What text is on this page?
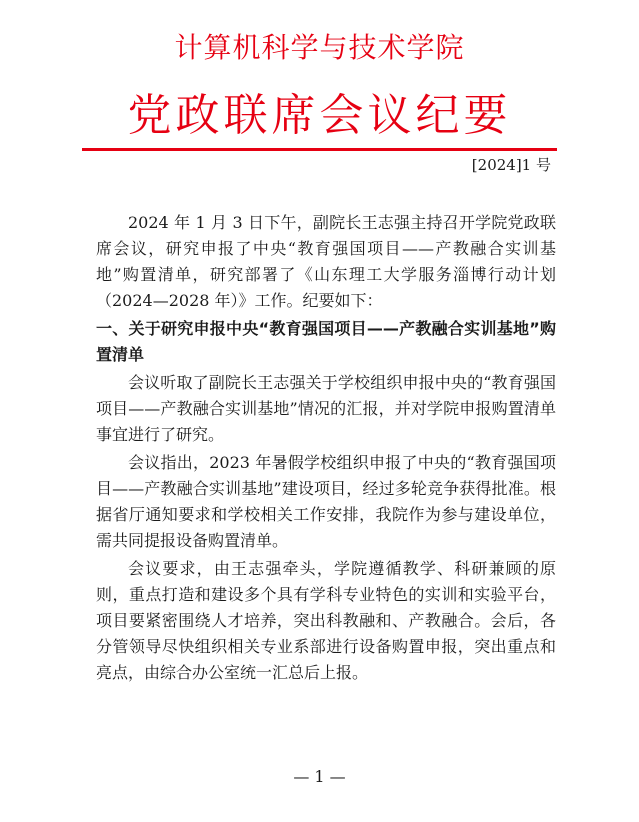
计算机科学与技术学院
党政联席会议纪要
[2024]1 号

2024 年 1 月 3 日下午，副院长王志强主持召开学院党政联席会议，研究申报了中央“教育强国项目——产教融合实训基地”购置清单，研究部署了《山东理工大学服务淄博行动计划（2024—2028 年）》工作。纪要如下：

一、关于研究申报中央“教育强国项目——产教融合实训基地”购置清单

会议听取了副院长王志强关于学校组织申报中央的“教育强国项目——产教融合实训基地”情况的汇报，并对学院申报购置清单事宜进行了研究。

会议指出，2023 年暑假学校组织申报了中央的“教育强国项目——产教融合实训基地”建设项目，经过多轮竞争获得批准。根据省厅通知要求和学校相关工作安排，我院作为参与建设单位，需共同提报设备购置清单。

会议要求，由王志强牵头，学院遵循教学、科研兼顾的原则，重点打造和建设多个具有学科专业特色的实训和实验平台，项目要紧密围绕人才培养，突出科教融和、产教融合。会后，各分管领导尽快组织相关专业系部进行设备购置申报，突出重点和亮点，由综合办公室统一汇总后上报。

— 1 —
